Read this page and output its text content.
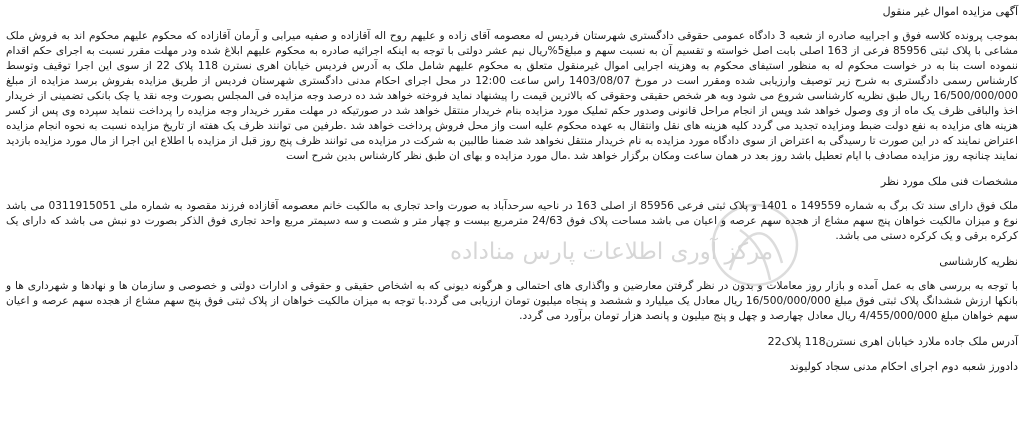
مرکز آوری اطلاعات پارس مناداده

آگهی مزایده اموال غیر منقول

بموجب پرونده کلاسه فوق و اجراییه صادره از شعبه 3 دادگاه عمومی حقوقی دادگستری شهرستان فردیس له معصومه آقای زاده و علیهم روح اله آقازاده و صفیه میرابی و آرمان آقازاده که محکوم علیهم محکوم اند به فروش ملک مشاعی با پلاک ثبتی 85956 فرعی از 163 اصلی بابت اصل خواسته و تقسیم آن به نسبت سهم و مبلغ5%ریال نیم عشر دولتی با توجه به اینکه اجرائیه صادره به محکوم علیهم ابلاغ شده ودر مهلت مقرر نسبت به اجرای حکم اقدام ننموده است بنا به در خواست محکوم له به منظور استیفای محکوم به وهزینه اجرایی اموال غیرمنقول متعلق به محکوم علیهم شامل ملک به آدرس فردیس خیابان اهری نسترن 118 پلاک 22 از سوی این اجرا توقیف وتوسط کارشناس رسمی دادگستری به شرح زیر توصیف وارزیابی شده ومقرر است در مورخ 1403/08/07 راس ساعت 12:00 در محل اجرای احکام مدنی دادگستری شهرستان فردیس از طریق مزایده بفروش برسد مزایده از مبلغ 16/500/000/000 ریال طبق نظریه کارشناسی شروع می شود وبه هر شخص حقیقی وحقوقی که بالاترین قیمت را پیشنهاد نماید فروخته خواهد شد ده درصد وجه مزایده فی المجلس بصورت وجه نقد یا چک بانکی تضمینی از خریدار اخذ والباقی ظرف یک ماه از وی وصول خواهد شد وپس از انجام مراحل قانونی وصدور حکم تملیک مورد مزایده بنام خریدار منتقل خواهد شد در صورتیکه در مهلت مقرر خریدار وجه مزایده را پرداخت ننماید سپرده وی پس از کسر هزینه های مزایده به نفع دولت ضبط ومزایده تجدید می گردد کلیه هزینه های نقل وانتقال به عهده محکوم علیه است واز محل فروش پرداخت خواهد شد .طرفین می توانند ظرف یک هفته از تاریخ مزایده نسبت به نحوه انجام مزایده اعتراض نمایند که در این صورت تا رسیدگی به اعتراض از سوی دادگاه مورد مزایده به نام خریدار منتقل نخواهد شد ضمنا طالبین به شرکت در مزایده می توانند ظرف پنج روز قبل از مزایده با اطلاع این اجرا از مال مورد مزایده بازدید نمایند چنانچه روز مزایده مصادف با ایام تعطیل باشد روز بعد در همان ساعت ومکان برگزار خواهد شد .مال مورد مزایده و بهای ان طبق نظر کارشناس بدین شرح است

مشخصات فنی ملک مورد نظر

ملک فوق دارای سند تک برگ به شماره 149559 ه 1401 و پلاک ثبتی فرعی 85956 از اصلی 163 در ناحیه سرحدآباد به صورت واحد تجاری به مالکیت خانم معصومه آقازاده فرزند مقصود به شماره ملی 0311915051 می باشد نوع و میزان مالکیت خواهان پنج سهم مشاع از هجده سهم عرصه و اعیان می باشد مساحت پلاک فوق 24/63 مترمربع بیست و چهار متر و شصت و سه دسیمتر مربع واحد تجاری فوق الذکر بصورت دو نبش می باشد که دارای یک کرکره برقی و یک کرکره دستی می باشد.

نظریه کارشناسی

با توجه به بررسی های به عمل آمده و بازار روز معاملات و بدون در نظر گرفتن معارضین و واگذاری های احتمالی و هرگونه دیونی که به اشخاص حقیقی و حقوقی و ادارات دولتی و خصوصی و سازمان ها و نهادها و شهرداری ها و بانکها ارزش ششدانگ پلاک ثبتی فوق مبلغ 16/500/000/000 ریال معادل یک میلیارد و ششصد و پنجاه میلیون تومان ارزیابی می گردد.با توجه به میزان مالکیت خواهان از پلاک ثبتی فوق پنج سهم مشاع از هجده سهم عرصه و اعیان سهم خواهان مبلغ 4/455/000/000 ریال معادل چهارصد و چهل و پنج میلیون و پانصد هزار تومان برآورد می گردد.

آدرس ملک جاده ملارد خیابان اهری نسترن118 پلاک22

دادورز شعبه دوم اجرای احکام مدنی سجاد کولیوند
